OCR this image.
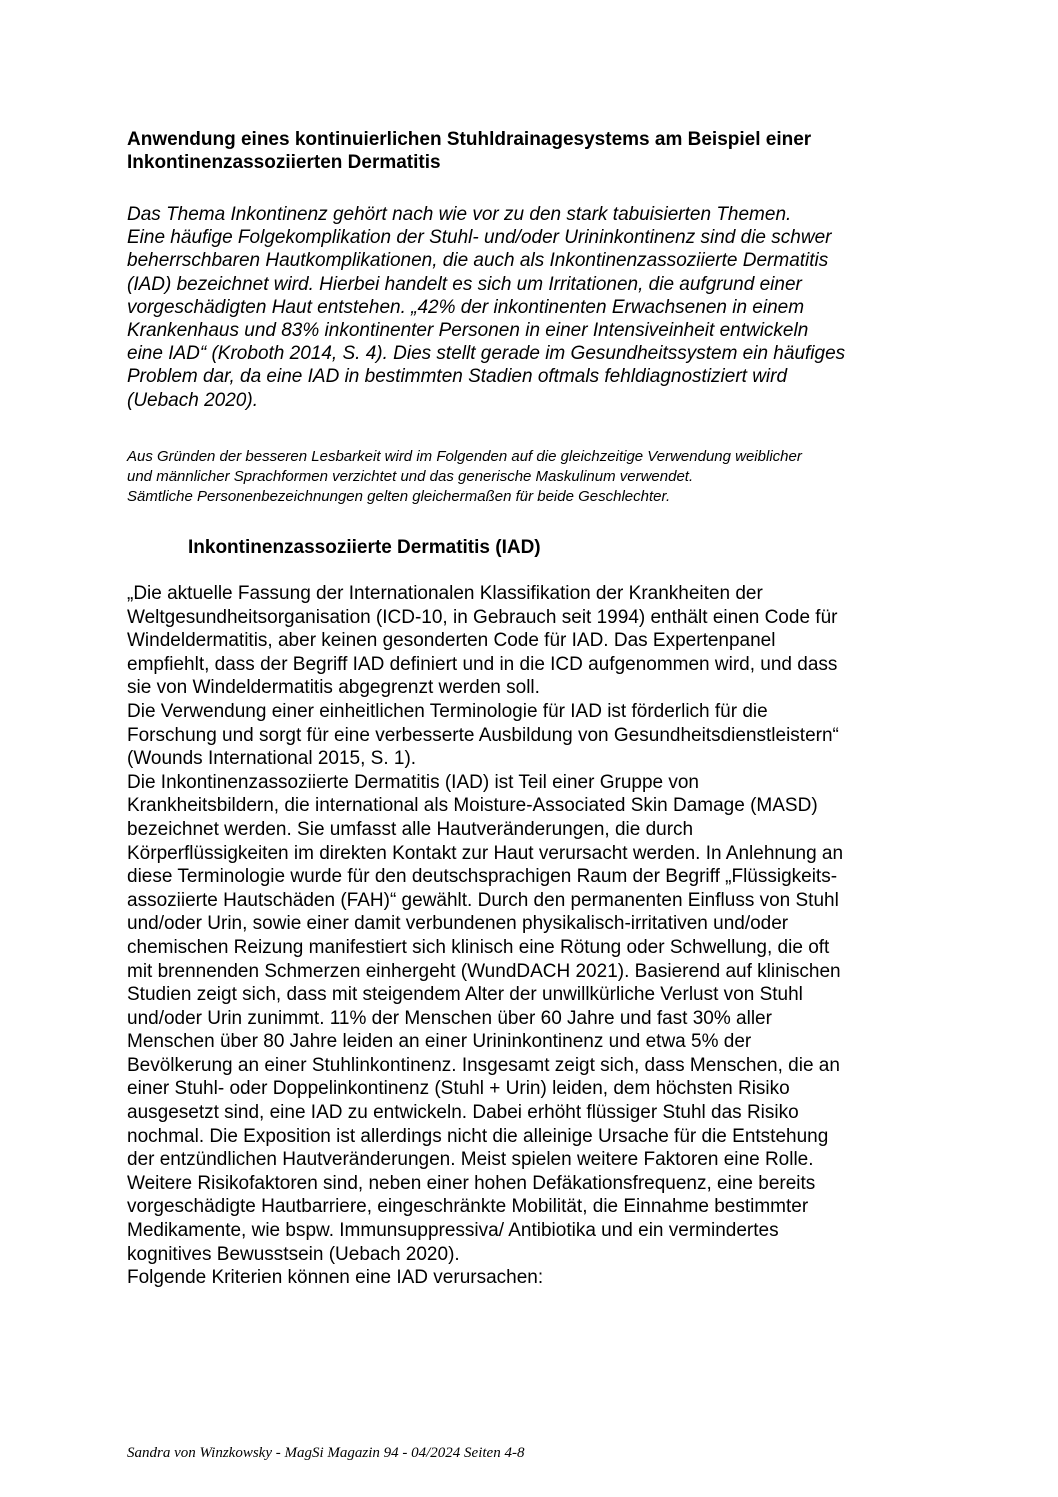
Anwendung eines kontinuierlichen Stuhldrainagesystems am Beispiel einer
Inkontinenzassoziierten Dermatitis
Das Thema Inkontinenz gehört nach wie vor zu den stark tabuisierten Themen.
Eine häufige Folgekomplikation der Stuhl- und/oder Urininkontinenz sind die schwer
beherrschbaren Hautkomplikationen, die auch als Inkontinenzassoziierte Dermatitis
(IAD) bezeichnet wird. Hierbei handelt es sich um Irritationen, die aufgrund einer
vorgeschädigten Haut entstehen. „42% der inkontinenten Erwachsenen in einem
Krankenhaus und 83% inkontinenter Personen in einer Intensiveinheit entwickeln
eine IAD“ (Kroboth 2014, S. 4). Dies stellt gerade im Gesundheitssystem ein häufiges
Problem dar, da eine IAD in bestimmten Stadien oftmals fehldiagnostiziert wird
(Uebach 2020).
Aus Gründen der besseren Lesbarkeit wird im Folgenden auf die gleichzeitige Verwendung weiblicher
und männlicher Sprachformen verzichtet und das generische Maskulinum verwendet.
Sämtliche Personenbezeichnungen gelten gleichermaßen für beide Geschlechter.
Inkontinenzassoziierte Dermatitis (IAD)
„Die aktuelle Fassung der Internationalen Klassifikation der Krankheiten der
Weltgesundheitsorganisation (ICD-10, in Gebrauch seit 1994) enthält einen Code für
Windeldermatitis, aber keinen gesonderten Code für IAD. Das Expertenpanel
empfiehlt, dass der Begriff IAD definiert und in die ICD aufgenommen wird, und dass
sie von Windeldermatitis abgegrenzt werden soll.
Die Verwendung einer einheitlichen Terminologie für IAD ist förderlich für die
Forschung und sorgt für eine verbesserte Ausbildung von Gesundheitsdienstleistern“
(Wounds International 2015, S. 1).
Die Inkontinenzassoziierte Dermatitis (IAD) ist Teil einer Gruppe von
Krankheitsbildern, die international als Moisture-Associated Skin Damage (MASD)
bezeichnet werden. Sie umfasst alle Hautveränderungen, die durch
Körperflüssigkeiten im direkten Kontakt zur Haut verursacht werden. In Anlehnung an
diese Terminologie wurde für den deutschsprachigen Raum der Begriff „Flüssigkeits-
assoziierte Hautschäden (FAH)“ gewählt. Durch den permanenten Einfluss von Stuhl
und/oder Urin, sowie einer damit verbundenen physikalisch-irritativen und/oder
chemischen Reizung manifestiert sich klinisch eine Rötung oder Schwellung, die oft
mit brennenden Schmerzen einhergeht (WundDACH 2021). Basierend auf klinischen
Studien zeigt sich, dass mit steigendem Alter der unwillkürliche Verlust von Stuhl
und/oder Urin zunimmt. 11% der Menschen über 60 Jahre und fast 30% aller
Menschen über 80 Jahre leiden an einer Urininkontinenz und etwa 5% der
Bevölkerung an einer Stuhlinkontinenz. Insgesamt zeigt sich, dass Menschen, die an
einer Stuhl- oder Doppelinkontinenz (Stuhl + Urin) leiden, dem höchsten Risiko
ausgesetzt sind, eine IAD zu entwickeln. Dabei erhöht flüssiger Stuhl das Risiko
nochmal. Die Exposition ist allerdings nicht die alleinige Ursache für die Entstehung
der entzündlichen Hautveränderungen. Meist spielen weitere Faktoren eine Rolle.
Weitere Risikofaktoren sind, neben einer hohen Defäkationsfrequenz, eine bereits
vorgeschädigte Hautbarriere, eingeschränkte Mobilität, die Einnahme bestimmter
Medikamente, wie bspw. Immunsuppressiva/ Antibiotika und ein vermindertes
kognitives Bewusstsein (Uebach 2020).
Folgende Kriterien können eine IAD verursachen:
Sandra von Winzkowsky - MagSi Magazin 94 - 04/2024 Seiten 4-8
